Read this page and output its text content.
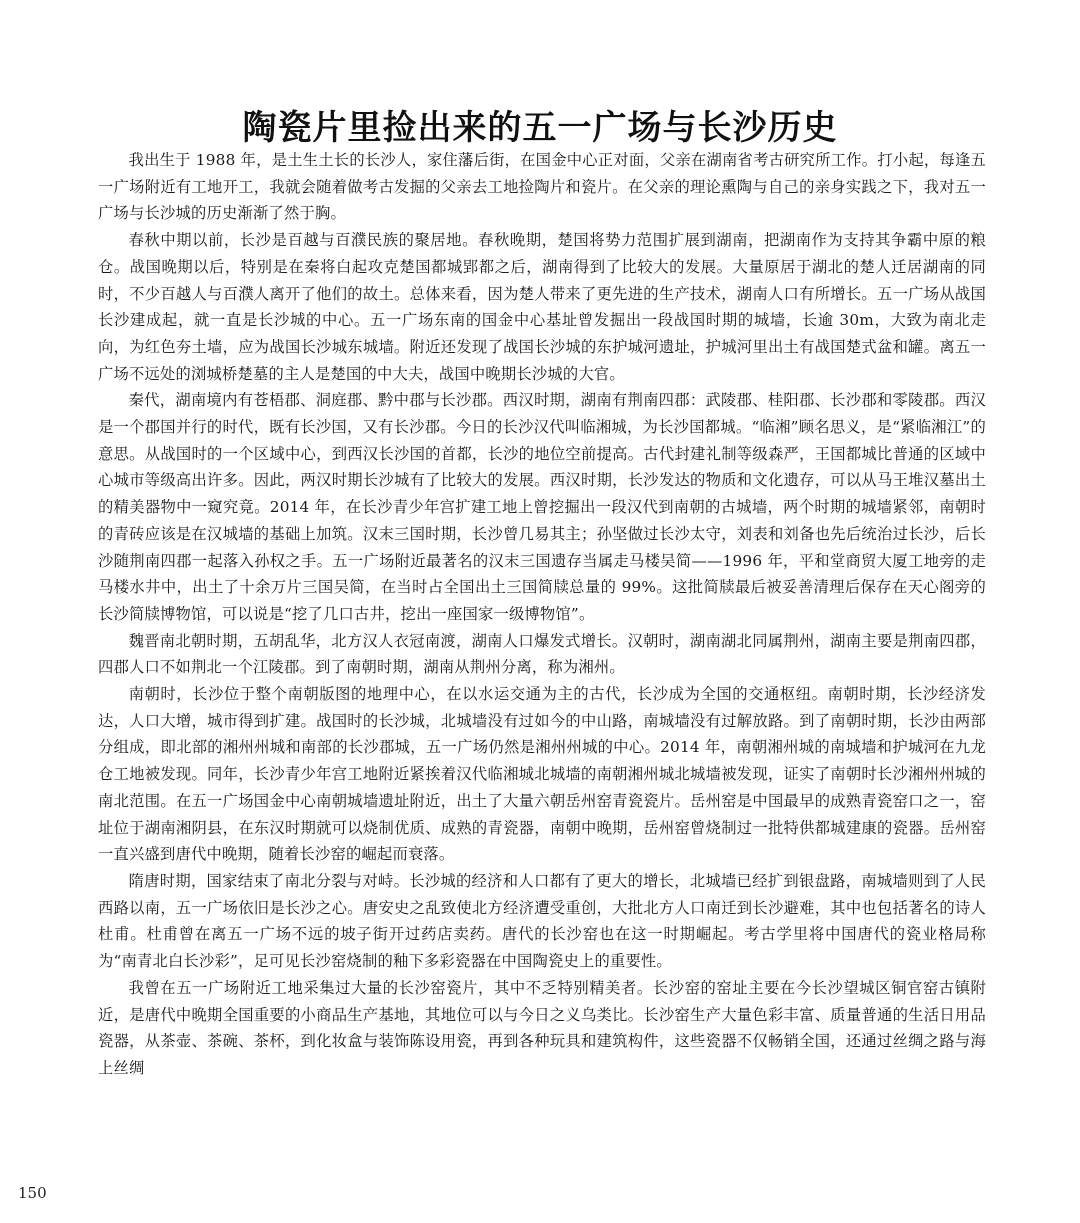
陶瓷片里捡出来的五一广场与长沙历史

我出生于 1988 年，是土生土长的长沙人，家住藩后街，在国金中心正对面，父亲在湖南省考古研究所工作。打小起，每逢五一广场附近有工地开工，我就会随着做考古发掘的父亲去工地捡陶片和瓷片。在父亲的理论熏陶与自己的亲身实践之下，我对五一广场与长沙城的历史渐渐了然于胸。

春秋中期以前，长沙是百越与百濮民族的聚居地。春秋晚期，楚国将势力范围扩展到湖南，把湖南作为支持其争霸中原的粮仓。战国晚期以后，特别是在秦将白起攻克楚国都城郢都之后，湖南得到了比较大的发展。大量原居于湖北的楚人迁居湖南的同时，不少百越人与百濮人离开了他们的故土。总体来看，因为楚人带来了更先进的生产技术，湖南人口有所增长。五一广场从战国长沙建成起，就一直是长沙城的中心。五一广场东南的国金中心基址曾发掘出一段战国时期的城墙，长逾 30m，大致为南北走向，为红色夯土墙，应为战国长沙城东城墙。附近还发现了战国长沙城的东护城河遗址，护城河里出土有战国楚式盆和罐。离五一广场不远处的浏城桥楚墓的主人是楚国的中大夫，战国中晚期长沙城的大官。

秦代，湖南境内有苍梧郡、洞庭郡、黔中郡与长沙郡。西汉时期，湖南有荆南四郡：武陵郡、桂阳郡、长沙郡和零陵郡。西汉是一个郡国并行的时代，既有长沙国，又有长沙郡。今日的长沙汉代叫临湘城，为长沙国都城。“临湘”顾名思义，是“紧临湘江”的意思。从战国时的一个区域中心，到西汉长沙国的首都，长沙的地位空前提高。古代封建礼制等级森严，王国都城比普通的区域中心城市等级高出许多。因此，两汉时期长沙城有了比较大的发展。西汉时期，长沙发达的物质和文化遗存，可以从马王堆汉墓出土的精美器物中一窥究竟。2014 年，在长沙青少年宫扩建工地上曾挖掘出一段汉代到南朝的古城墙，两个时期的城墙紧邻，南朝时的青砖应该是在汉城墙的基础上加筑。汉末三国时期，长沙曾几易其主；孙坚做过长沙太守，刘表和刘备也先后统治过长沙，后长沙随荆南四郡一起落入孙权之手。五一广场附近最著名的汉末三国遗存当属走马楼吴简——1996 年，平和堂商贸大厦工地旁的走马楼水井中，出土了十余万片三国吴简，在当时占全国出土三国简牍总量的 99%。这批简牍最后被妥善清理后保存在天心阁旁的长沙简牍博物馆，可以说是“挖了几口古井，挖出一座国家一级博物馆”。

魏晋南北朝时期，五胡乱华，北方汉人衣冠南渡，湖南人口爆发式增长。汉朝时，湖南湖北同属荆州，湖南主要是荆南四郡，四郡人口不如荆北一个江陵郡。到了南朝时期，湖南从荆州分离，称为湘州。

南朝时，长沙位于整个南朝版图的地理中心，在以水运交通为主的古代，长沙成为全国的交通枢纽。南朝时期，长沙经济发达，人口大增，城市得到扩建。战国时的长沙城，北城墙没有过如今的中山路，南城墙没有过解放路。到了南朝时期，长沙由两部分组成，即北部的湘州州城和南部的长沙郡城，五一广场仍然是湘州州城的中心。2014 年，南朝湘州城的南城墙和护城河在九龙仓工地被发现。同年，长沙青少年宫工地附近紧挨着汉代临湘城北城墙的南朝湘州城北城墙被发现，证实了南朝时长沙湘州州城的南北范围。在五一广场国金中心南朝城墙遗址附近，出土了大量六朝岳州窑青瓷瓷片。岳州窑是中国最早的成熟青瓷窑口之一，窑址位于湖南湘阴县，在东汉时期就可以烧制优质、成熟的青瓷器，南朝中晚期，岳州窑曾烧制过一批特供都城建康的瓷器。岳州窑一直兴盛到唐代中晚期，随着长沙窑的崛起而衰落。

隋唐时期，国家结束了南北分裂与对峙。长沙城的经济和人口都有了更大的增长，北城墙已经扩到银盘路，南城墙则到了人民西路以南，五一广场依旧是长沙之心。唐安史之乱致使北方经济遭受重创，大批北方人口南迁到长沙避难，其中也包括著名的诗人杜甫。杜甫曾在离五一广场不远的坡子街开过药店卖药。唐代的长沙窑也在这一时期崛起。考古学里将中国唐代的瓷业格局称为“南青北白长沙彩”，足可见长沙窑烧制的釉下多彩瓷器在中国陶瓷史上的重要性。

我曾在五一广场附近工地采集过大量的长沙窑瓷片，其中不乏特别精美者。长沙窑的窑址主要在今长沙望城区铜官窑古镇附近，是唐代中晚期全国重要的小商品生产基地，其地位可以与今日之义乌类比。长沙窑生产大量色彩丰富、质量普通的生活日用品瓷器，从茶壶、茶碗、茶杯，到化妆盒与装饰陈设用瓷，再到各种玩具和建筑构件，这些瓷器不仅畅销全国，还通过丝绸之路与海上丝绸

150
